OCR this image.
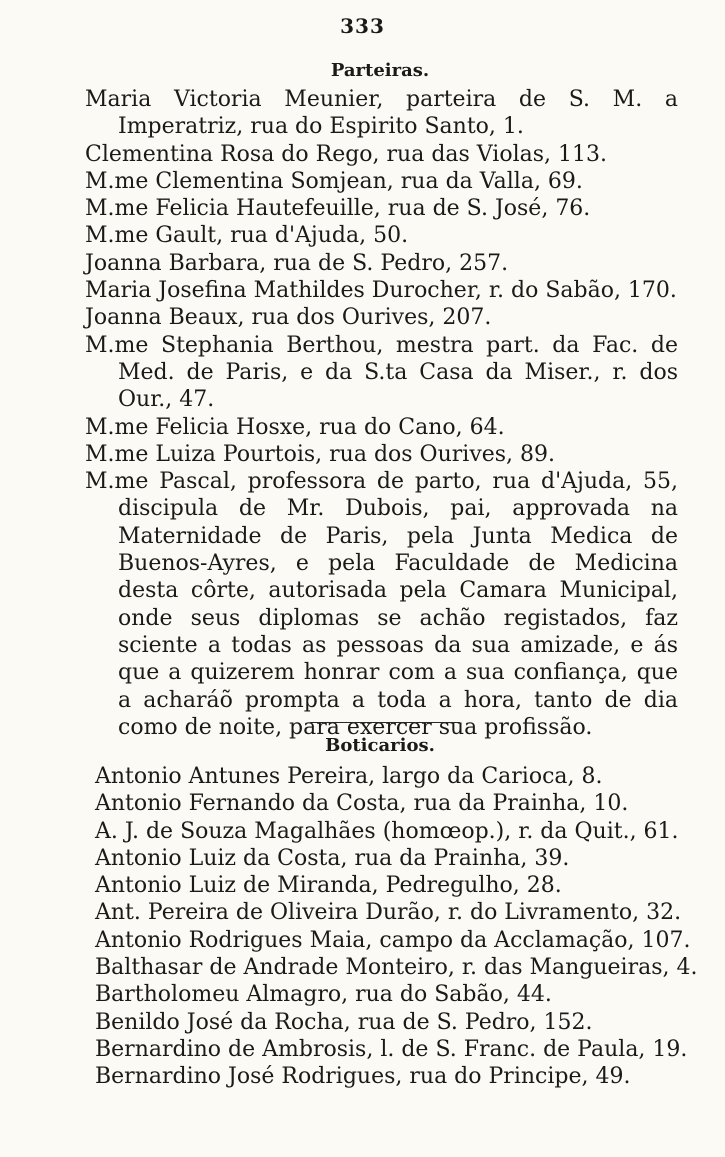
333
Parteiras.
Maria Victoria Meunier, parteira de S. M. a Imperatriz, rua do Espirito Santo, 1.
Clementina Rosa do Rego, rua das Violas, 113.
M.me Clementina Somjean, rua da Valla, 69.
M.me Felicia Hautefeuille, rua de S. José, 76.
M.me Gault, rua d'Ajuda, 50.
Joanna Barbara, rua de S. Pedro, 257.
Maria Josefina Mathildes Durocher, r. do Sabão, 170.
Joanna Beaux, rua dos Ourives, 207.
M.me Stephania Berthou, mestra part. da Fac. de Med. de Paris, e da S.ta Casa da Miser., r. dos Our., 47.
M.me Felicia Hosxe, rua do Cano, 64.
M.me Luiza Pourtois, rua dos Ourives, 89.
M.me Pascal, professora de parto, rua d'Ajuda, 55, discipula de Mr. Dubois, pai, approvada na Maternidade de Paris, pela Junta Medica de Buenos-Ayres, e pela Faculdade de Medicina desta côrte, autorisada pela Camara Municipal, onde seus diplomas se achão registados, faz sciente a todas as pessoas da sua amizade, e ás que a quizerem honrar com a sua confiança, que a acharáõ prompta a toda a hora, tanto de dia como de noite, para exercer sua profissão.
Boticarios.
Antonio Antunes Pereira, largo da Carioca, 8.
Antonio Fernando da Costa, rua da Prainha, 10.
A. J. de Souza Magalhães (homœop.), r. da Quit., 61.
Antonio Luiz da Costa, rua da Prainha, 39.
Antonio Luiz de Miranda, Pedregulho, 28.
Ant. Pereira de Oliveira Durão, r. do Livramento, 32.
Antonio Rodrigues Maia, campo da Acclamação, 107.
Balthasar de Andrade Monteiro, r. das Mangueiras, 4.
Bartholomeu Almagro, rua do Sabão, 44.
Benildo José da Rocha, rua de S. Pedro, 152.
Bernardino de Ambrosis, l. de S. Franc. de Paula, 19.
Bernardino José Rodrigues, rua do Principe, 49.
